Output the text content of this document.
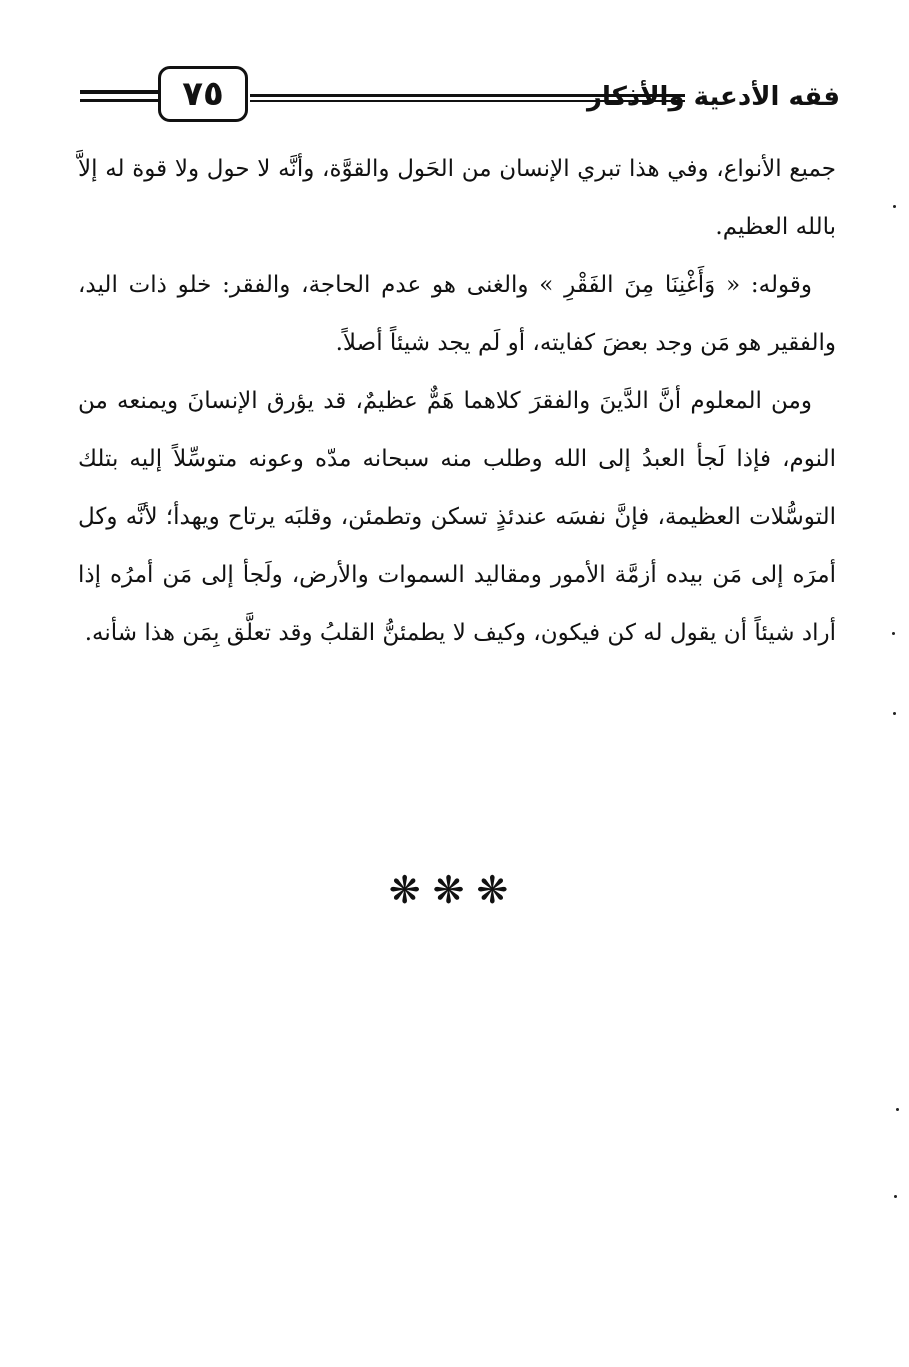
٧٥	فقه الأدعية والأذكار

جميع الأنواع، وفي هذا تبري الإنسان من الحَول والقوَّة، وأنَّه لا حول ولا قوة له إلاَّ بالله العظيم.

وقوله: « وَأَغْنِنَا مِنَ الفَقْرِ » والغنى هو عدم الحاجة، والفقر: خلو ذات اليد، والفقير هو مَن وجد بعضَ كفايته، أو لَم يجد شيئاً أصلاً.

ومن المعلوم أنَّ الدَّينَ والفقرَ كلاهما هَمٌّ عظيمٌ، قد يؤرق الإنسانَ ويمنعه من النوم، فإذا لَجأ العبدُ إلى الله وطلب منه سبحانه مدّه وعونه متوسِّلاً إليه بتلك التوسُّلات العظيمة، فإنَّ نفسَه عندئذٍ تسكن وتطمئن، وقلبَه يرتاح ويهدأ؛ لأنَّه وكل أمرَه إلى مَن بيده أزمَّة الأمور ومقاليد السموات والأرض، ولَجأ إلى مَن أمرُه إذا أراد شيئاً أن يقول له كن فيكون، وكيف لا يطمئنُّ القلبُ وقد تعلَّق بِمَن هذا شأنه.

❋❋❋
